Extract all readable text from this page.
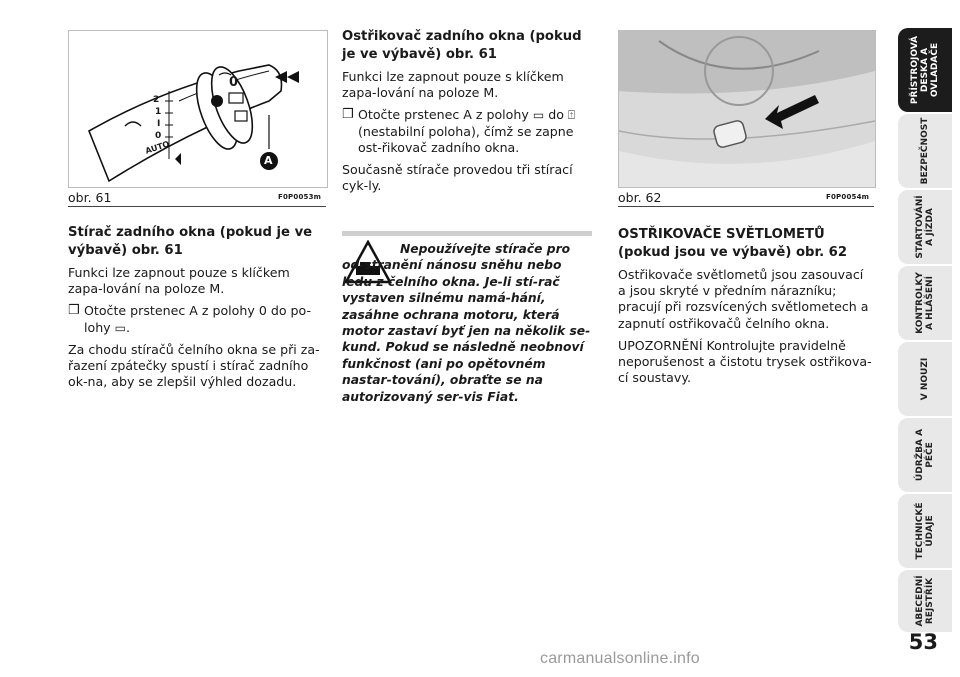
2
1
I
0
AUTO
0
A
obr. 61	F0P0053m	obr. 62	F0P0054m
Stírač zadního okna (pokud je ve výbavě) obr. 61

Funkci lze zapnout pouze s klíčkem zapa-lování na poloze M.

❒ Otočte prstenec A z polohy 0 do po-lohy ▭.

Za chodu stíračů čelního okna se při za-řazení zpátečky spustí i stírač zadního ok-na, aby se zlepšil výhled dozadu.

Ostřikovač zadního okna (pokud je ve výbavě) obr. 61

Funkci lze zapnout pouze s klíčkem zapa-lování na poloze M.

❒ Otočte prstenec A z polohy ▭ do ⍐ (nestabilní poloha), čímž se zapne ost-řikovač zadního okna.

Současně stírače provedou tři stírací cyk-ly.

Nepoužívejte stírače pro od-stranění nánosu sněhu nebo ledu z čelního okna. Je-li stí-rač vystaven silnému namá-hání, zasáhne ochrana motoru, která motor zastaví byť jen na několik se-kund. Pokud se následně neobnoví funkčnost (ani po opětovném nastar-tování), obraťte se na autorizovaný ser-vis Fiat.
OSTŘIKOVAČE SVĚTLOMETŮ (pokud jsou ve výbavě) obr. 62

Ostřikovače světlometů jsou zasouvací a jsou skryté v předním nárazníku; pracují při rozsvícených světlometech a zapnutí ostřikovačů čelního okna.

UPOZORNĚNÍ Kontrolujte pravidelně neporušenost a čistotu trysek ostřikova-cí soustavy.

PŘÍSTROJOVÁ
DESKA A
OVLADAČE
BEZPEČNOST
STARTOVÁNÍ
A JÍZDA
KONTROLKY
A HLÁŠENÍ
V NOUZI
ÚDRŽBA A
PÉČE
TECHNICKÉ
ÚDAJE
ABECEDNÍ
REJSTŘÍK
53
carmanualsonline.info
